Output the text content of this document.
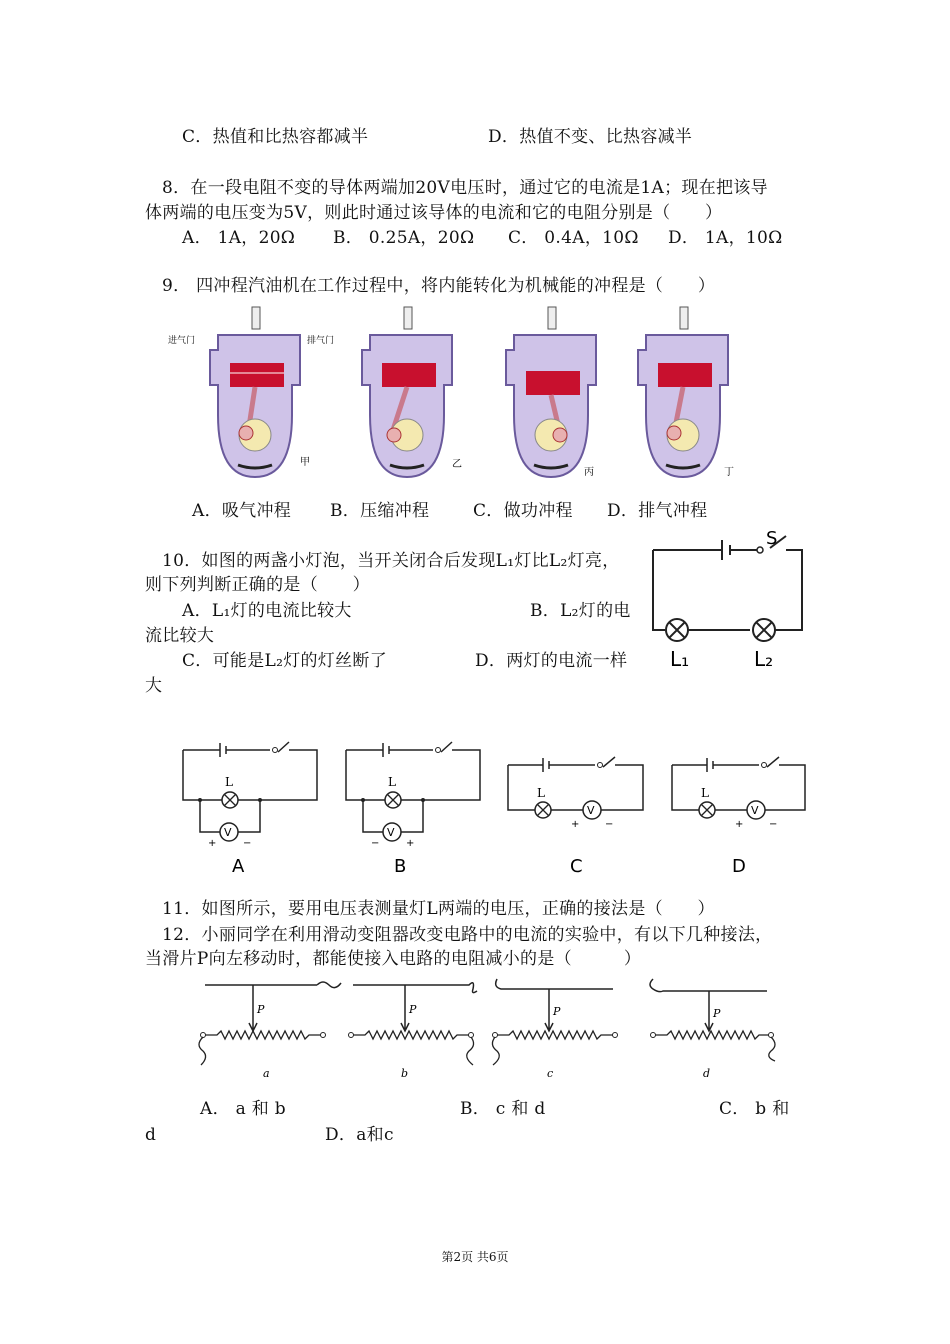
C．热值和比热容都减半	D．热值不变、比热容减半
8．在一段电阻不变的导体两端加20V电压时，通过它的电流是1A；现在把该导
体两端的电压变为5V，则此时通过该导体的电流和它的电阻分别是（　　）
A． 1A，20Ω B． 0.25A，20Ω C． 0.4A，10Ω D． 1A，10Ω
9． 四冲程汽油机在工作过程中，将内能转化为机械能的冲程是（　　）
进气门	排气门
甲	乙
丙	丁
A．吸气冲程 B．压缩冲程	C．做功冲程 D．排气冲程
10．如图的两盏小灯泡，当开关闭合后发现L₁灯比L₂灯亮，
则下列判断正确的是（　　）
A．L₁灯的电流比较大	B．L₂灯的电
流比较大
C．可能是L₂灯的灯丝断了	D．两灯的电流一样
大
S
L₁	L₂
L
V
+	−
A
L
V
−	+
B
L
V
+	−
C
L
V
+	−
D
11．如图所示，要用电压表测量灯L两端的电压，正确的接法是（　　）
12．小丽同学在利用滑动变阻器改变电路中的电流的实验中，有以下几种接法，
当滑片P向左移动时，都能使接入电路的电阻减小的是（　　　）
P
a
P
b
P
c
P
d
A． a 和 b	B． c 和 d	C． b 和
d	D．a和c
第2页 共6页
